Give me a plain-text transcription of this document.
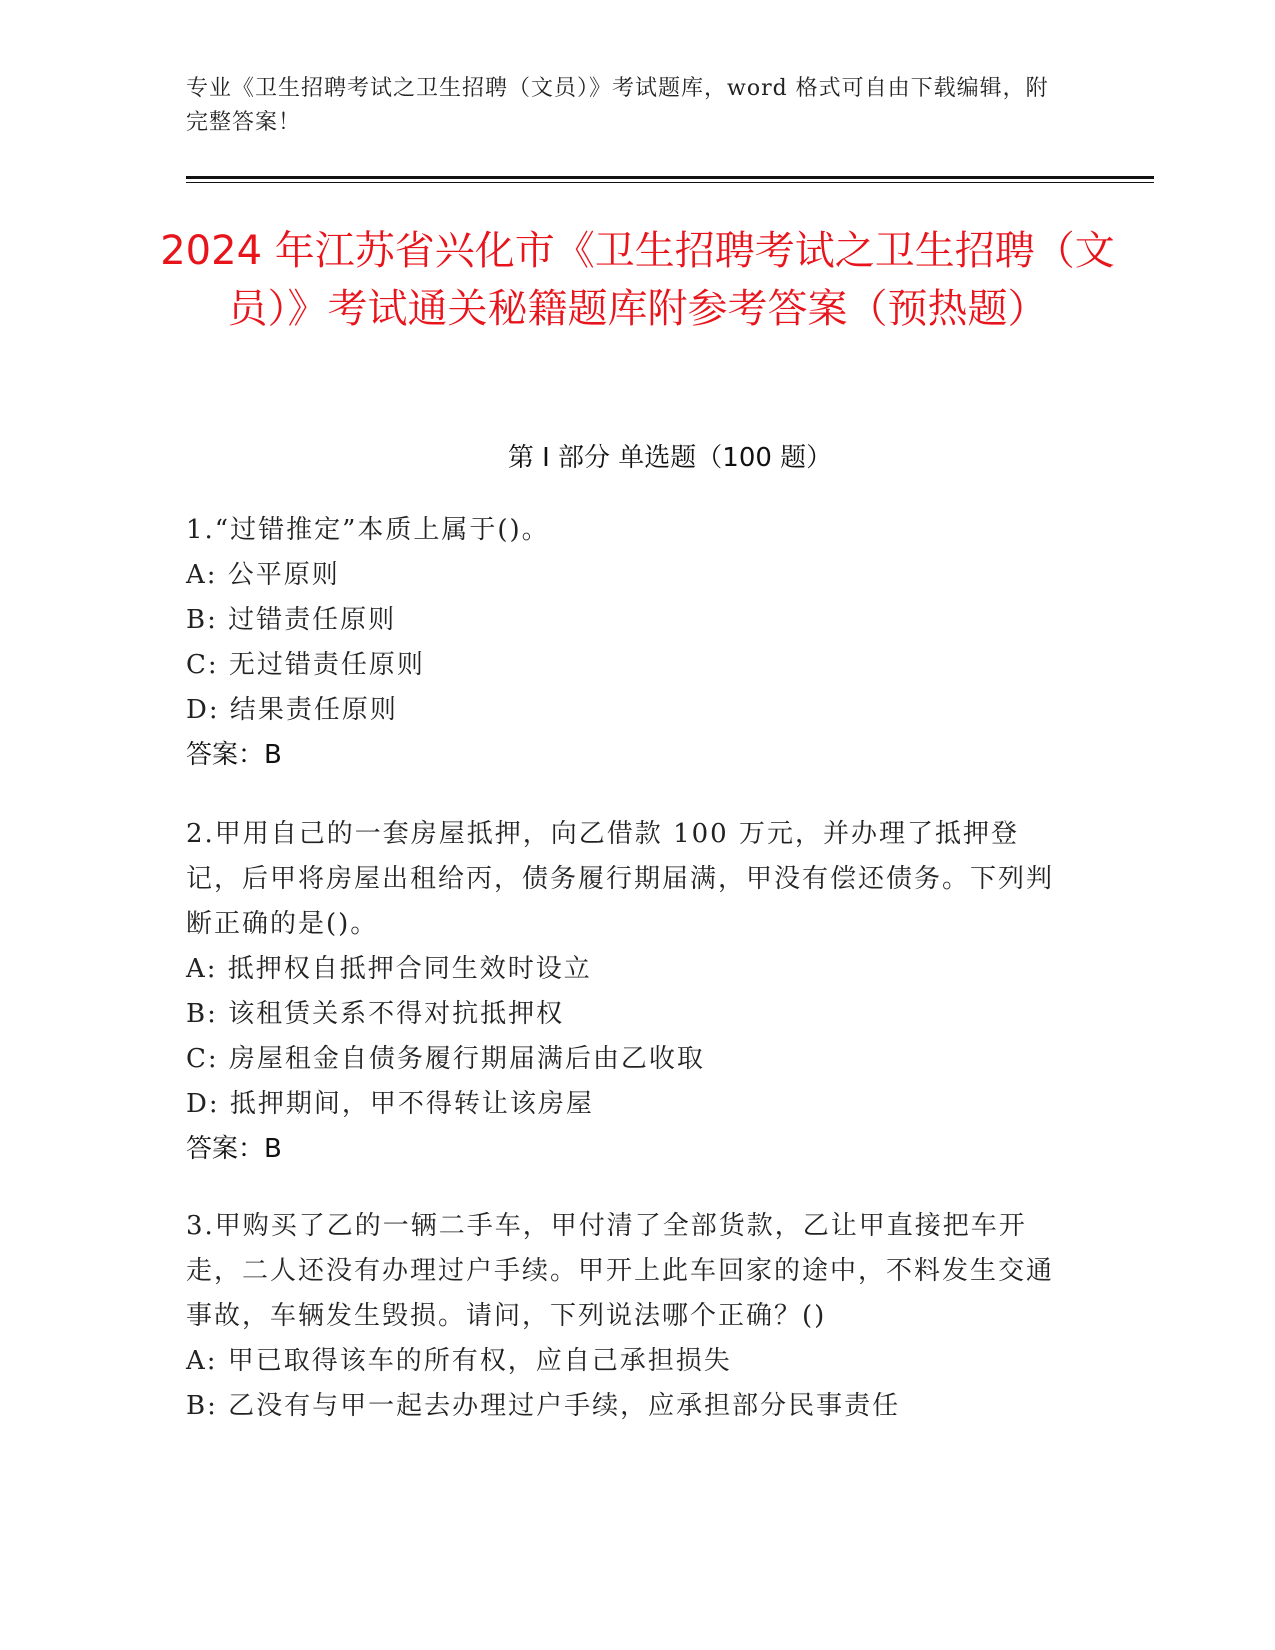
专业《卫生招聘考试之卫生招聘（文员）》考试题库，word 格式可自由下载编辑，附完整答案！
2024 年江苏省兴化市《卫生招聘考试之卫生招聘（文员）》考试通关秘籍题库附参考答案（预热题）
第 I 部分 单选题（100 题）

1.“过错推定”本质上属于()。

A: 公平原则

B: 过错责任原则

C: 无过错责任原则

D: 结果责任原则

答案：B

2.甲用自己的一套房屋抵押，向乙借款 100 万元，并办理了抵押登记，后甲将房屋出租给丙，债务履行期届满，甲没有偿还债务。下列判断正确的是()。

A: 抵押权自抵押合同生效时设立

B: 该租赁关系不得对抗抵押权

C: 房屋租金自债务履行期届满后由乙收取

D: 抵押期间，甲不得转让该房屋

答案：B

3.甲购买了乙的一辆二手车，甲付清了全部货款，乙让甲直接把车开走，二人还没有办理过户手续。甲开上此车回家的途中，不料发生交通事故，车辆发生毁损。请问，下列说法哪个正确？()

A: 甲已取得该车的所有权，应自己承担损失

B: 乙没有与甲一起去办理过户手续，应承担部分民事责任
